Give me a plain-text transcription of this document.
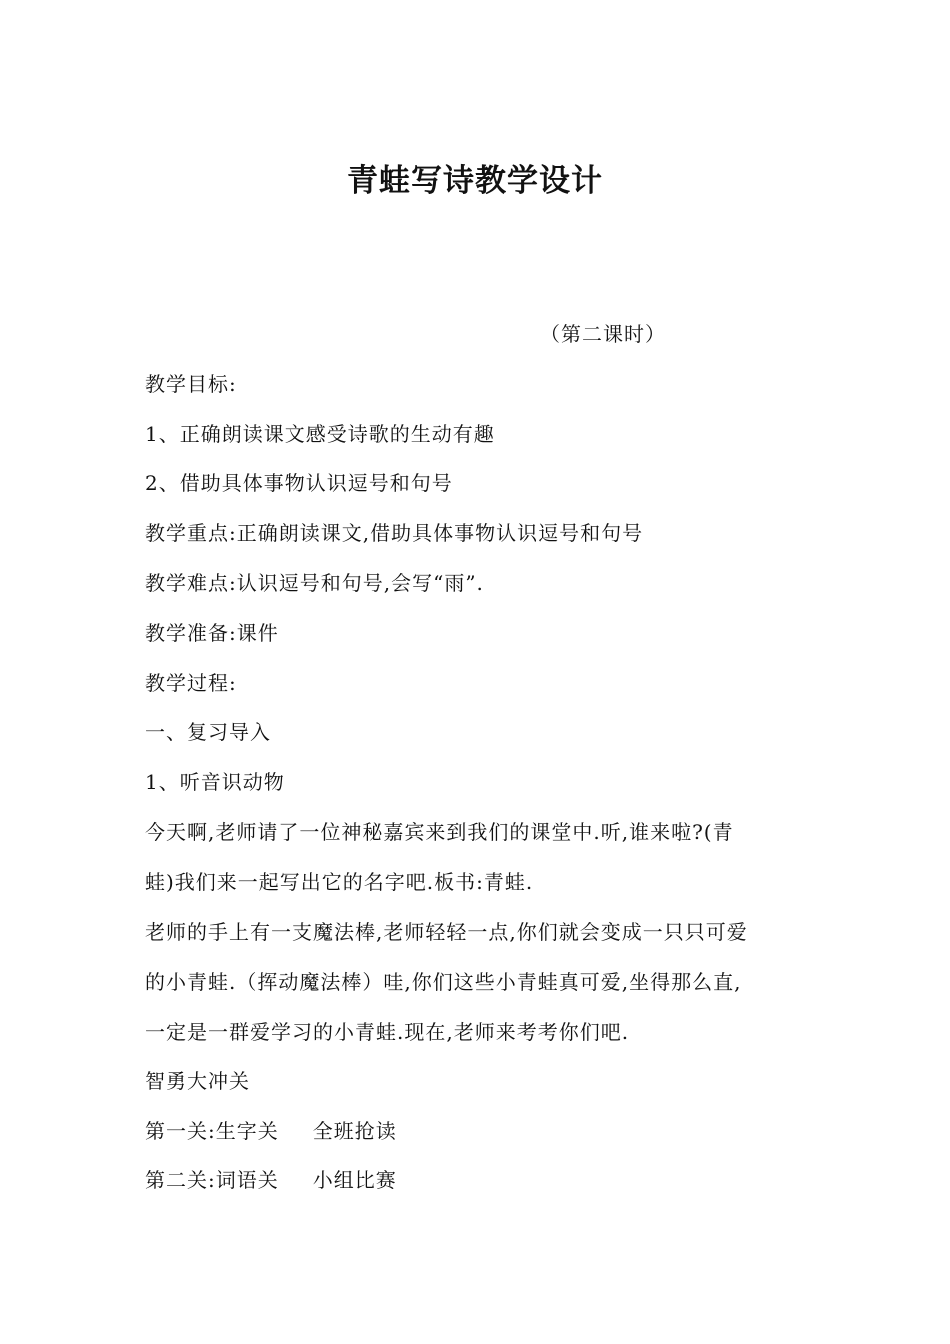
青蛙写诗教学设计
（第二课时）
教学目标:
1、正确朗读课文感受诗歌的生动有趣
2、借助具体事物认识逗号和句号
教学重点:正确朗读课文,借助具体事物认识逗号和句号
教学难点:认识逗号和句号,会写“雨”.
教学准备:课件
教学过程:
一、复习导入
1、听音识动物
今天啊,老师请了一位神秘嘉宾来到我们的课堂中.听,谁来啦?(青
蛙)我们来一起写出它的名字吧.板书:青蛙.
老师的手上有一支魔法棒,老师轻轻一点,你们就会变成一只只可爱
的小青蛙.（挥动魔法棒）哇,你们这些小青蛙真可爱,坐得那么直,
一定是一群爱学习的小青蛙.现在,老师来考考你们吧.
智勇大冲关
第一关:生字关 全班抢读
第二关:词语关 小组比赛
